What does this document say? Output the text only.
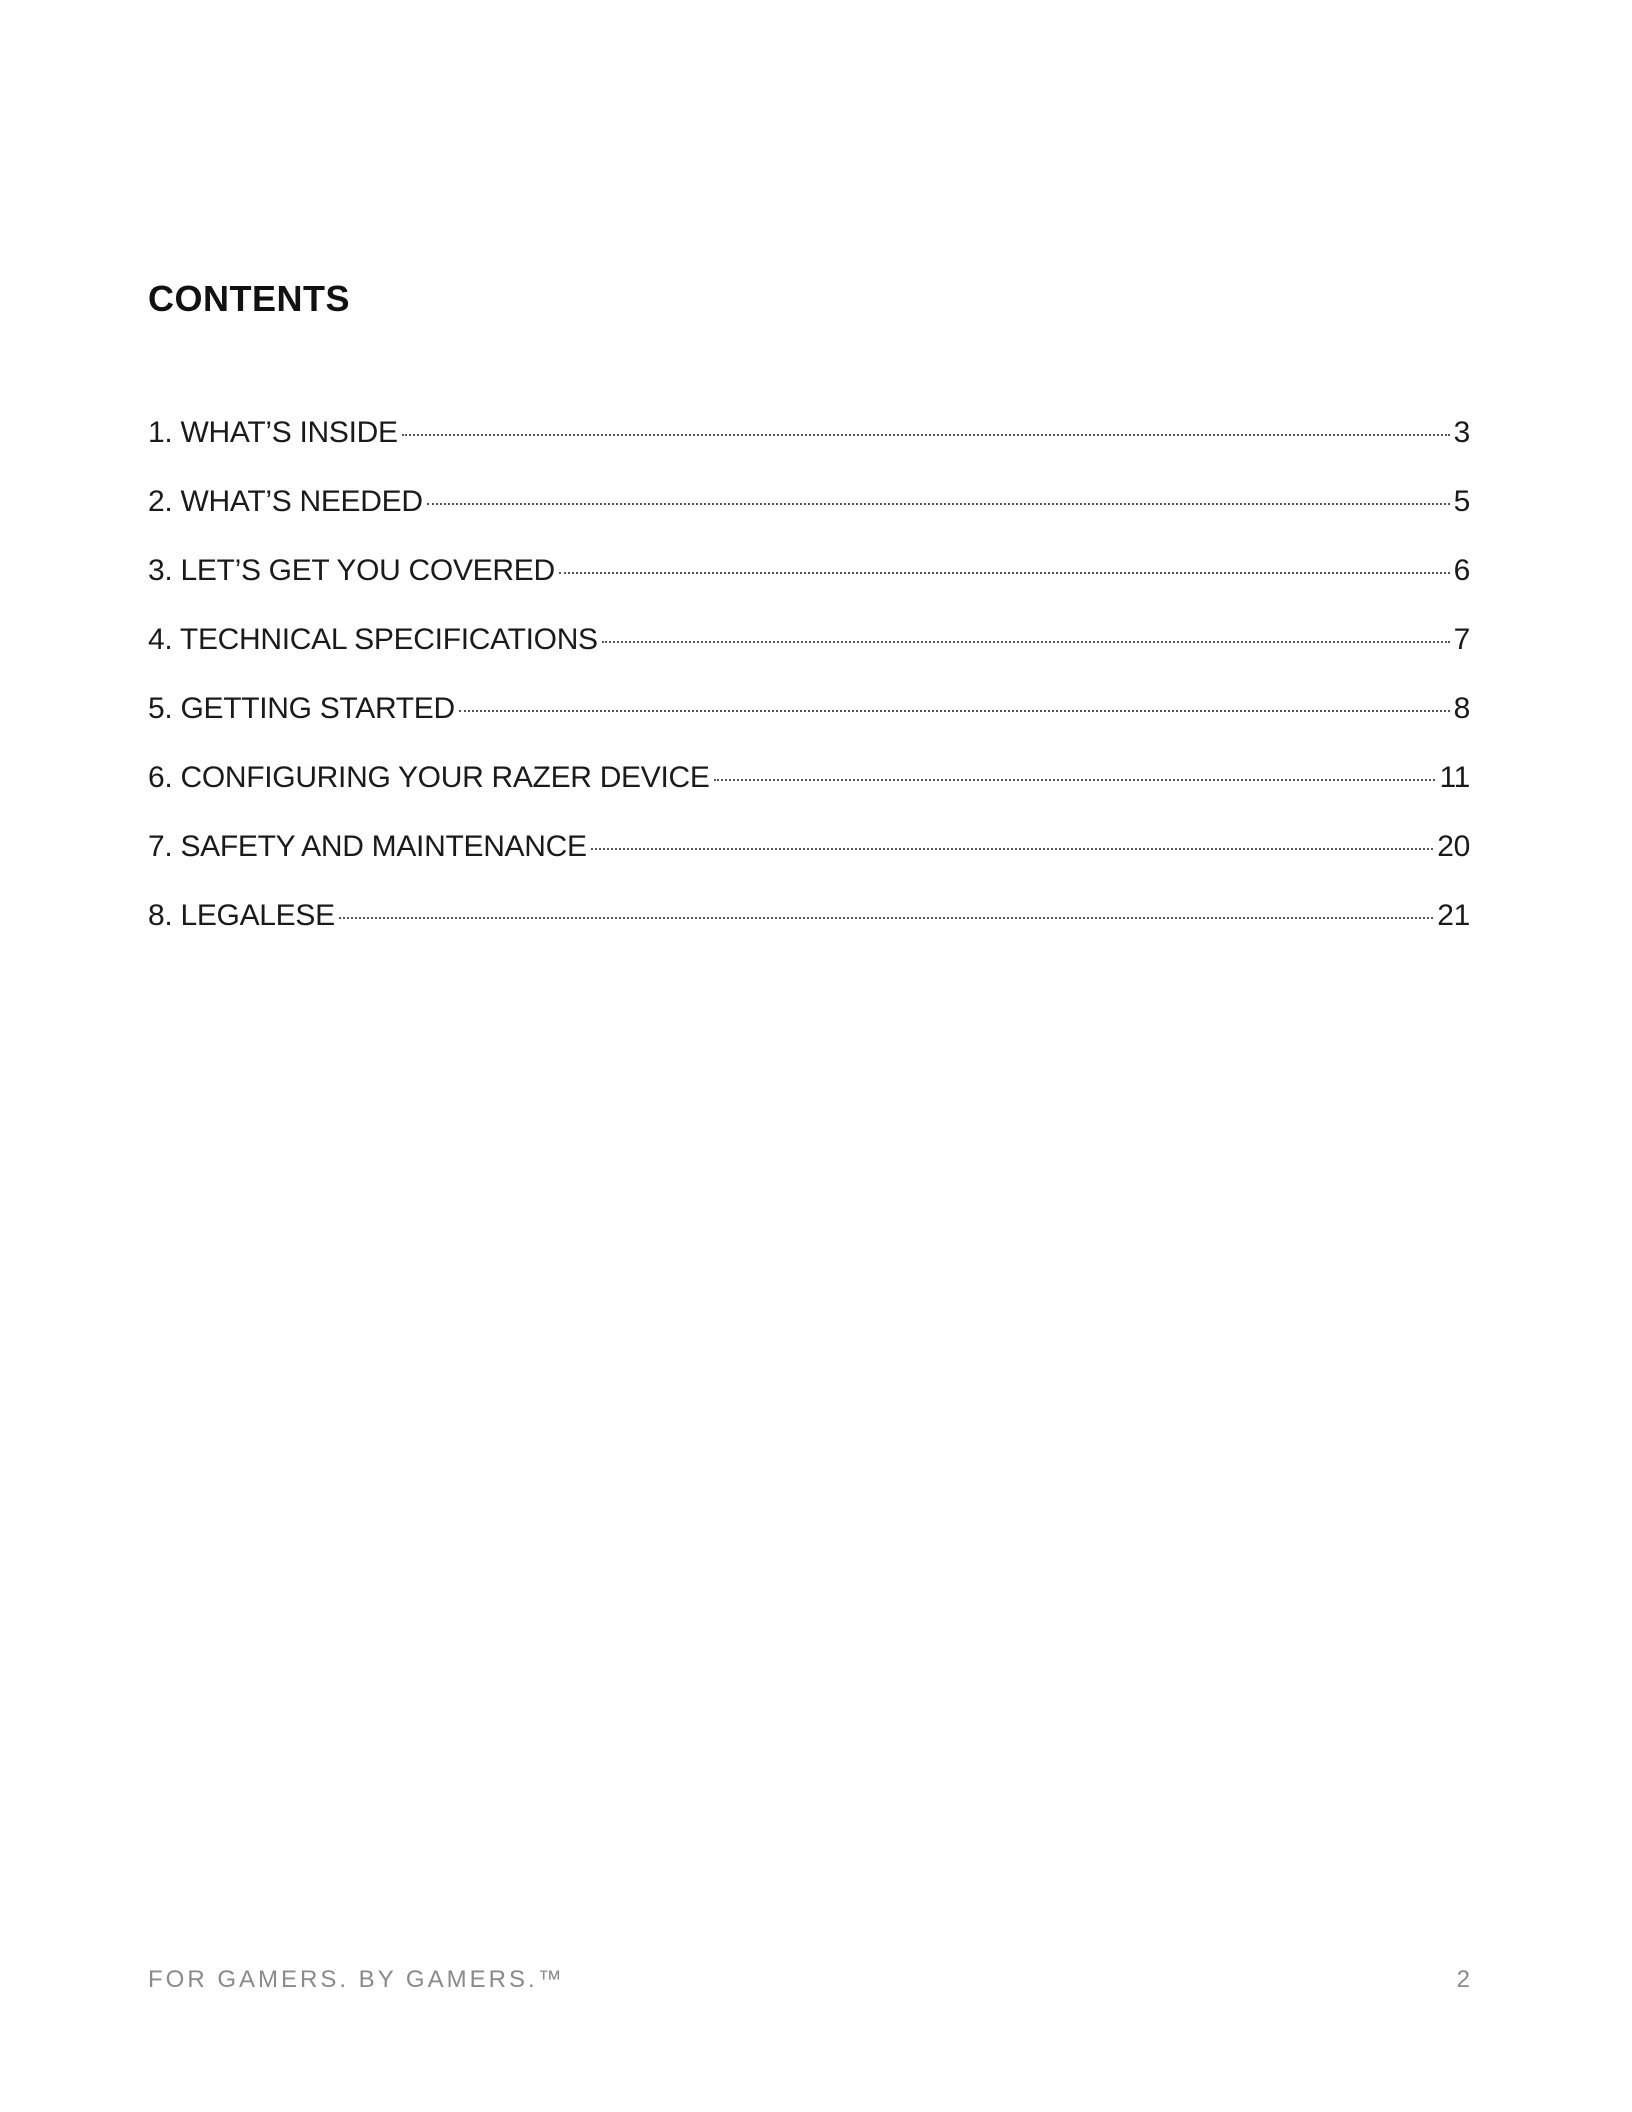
CONTENTS
1. WHAT’S INSIDE	3
2. WHAT’S NEEDED	5
3. LET’S GET YOU COVERED	6
4. TECHNICAL SPECIFICATIONS	7
5. GETTING STARTED	8
6. CONFIGURING YOUR RAZER DEVICE	11
7. SAFETY AND MAINTENANCE	20
8. LEGALESE	21
FOR GAMERS. BY GAMERS.™	2
